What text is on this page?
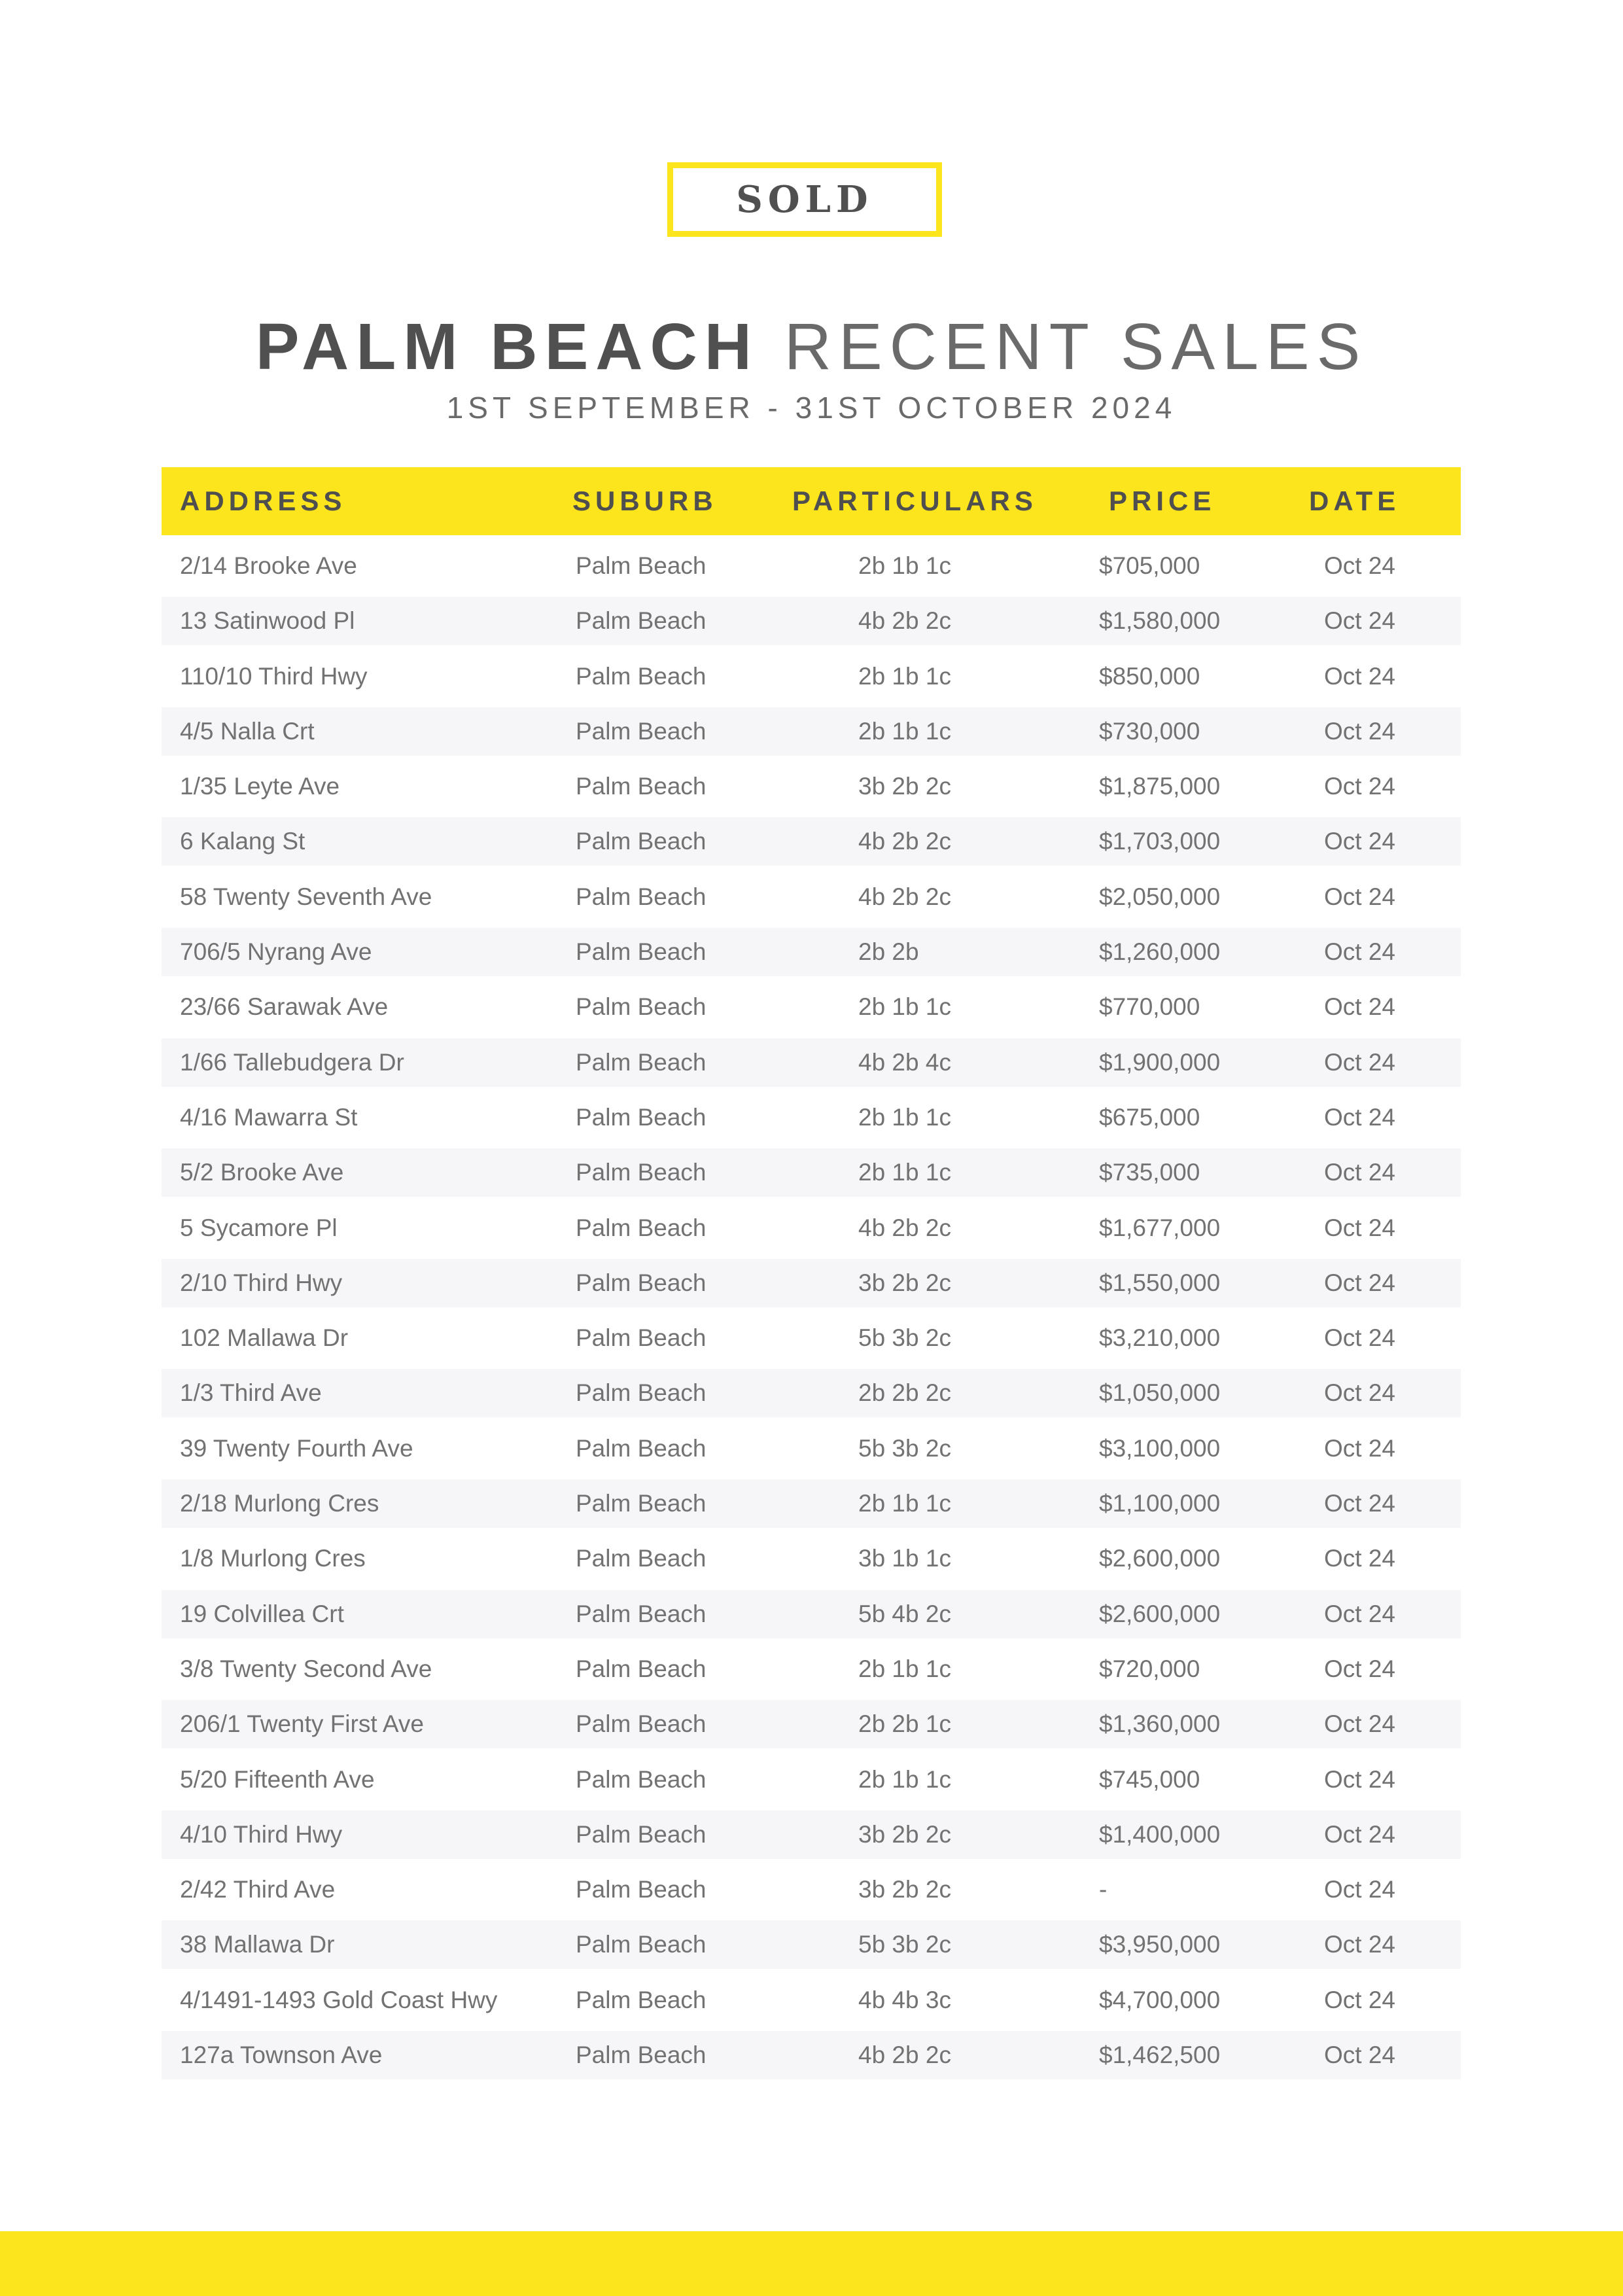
SOLD
PALM BEACH RECENT SALES
1ST SEPTEMBER - 31ST OCTOBER 2024
ADDRESS	SUBURB	PARTICULARS	PRICE	DATE
2/14 Brooke Ave	Palm Beach	2b 1b 1c	$705,000	Oct 24
13 Satinwood Pl	Palm Beach	4b 2b 2c	$1,580,000	Oct 24
110/10 Third Hwy	Palm Beach	2b 1b 1c	$850,000	Oct 24
4/5 Nalla Crt	Palm Beach	2b 1b 1c	$730,000	Oct 24
1/35 Leyte Ave	Palm Beach	3b 2b 2c	$1,875,000	Oct 24
6 Kalang St	Palm Beach	4b 2b 2c	$1,703,000	Oct 24
58 Twenty Seventh Ave	Palm Beach	4b 2b 2c	$2,050,000	Oct 24
706/5 Nyrang Ave	Palm Beach	2b 2b	$1,260,000	Oct 24
23/66 Sarawak Ave	Palm Beach	2b 1b 1c	$770,000	Oct 24
1/66 Tallebudgera Dr	Palm Beach	4b 2b 4c	$1,900,000	Oct 24
4/16 Mawarra St	Palm Beach	2b 1b 1c	$675,000	Oct 24
5/2 Brooke Ave	Palm Beach	2b 1b 1c	$735,000	Oct 24
5 Sycamore Pl	Palm Beach	4b 2b 2c	$1,677,000	Oct 24
2/10 Third Hwy	Palm Beach	3b 2b 2c	$1,550,000	Oct 24
102 Mallawa Dr	Palm Beach	5b 3b 2c	$3,210,000	Oct 24
1/3 Third Ave	Palm Beach	2b 2b 2c	$1,050,000	Oct 24
39 Twenty Fourth Ave	Palm Beach	5b 3b 2c	$3,100,000	Oct 24
2/18 Murlong Cres	Palm Beach	2b 1b 1c	$1,100,000	Oct 24
1/8 Murlong Cres	Palm Beach	3b 1b 1c	$2,600,000	Oct 24
19 Colvillea Crt	Palm Beach	5b 4b 2c	$2,600,000	Oct 24
3/8 Twenty Second Ave	Palm Beach	2b 1b 1c	$720,000	Oct 24
206/1 Twenty First Ave	Palm Beach	2b 2b 1c	$1,360,000	Oct 24
5/20 Fifteenth Ave	Palm Beach	2b 1b 1c	$745,000	Oct 24
4/10 Third Hwy	Palm Beach	3b 2b 2c	$1,400,000	Oct 24
2/42 Third Ave	Palm Beach	3b 2b 2c	-	Oct 24
38 Mallawa Dr	Palm Beach	5b 3b 2c	$3,950,000	Oct 24
4/1491-1493 Gold Coast Hwy	Palm Beach	4b 4b 3c	$4,700,000	Oct 24
127a Townson Ave	Palm Beach	4b 2b 2c	$1,462,500	Oct 24
